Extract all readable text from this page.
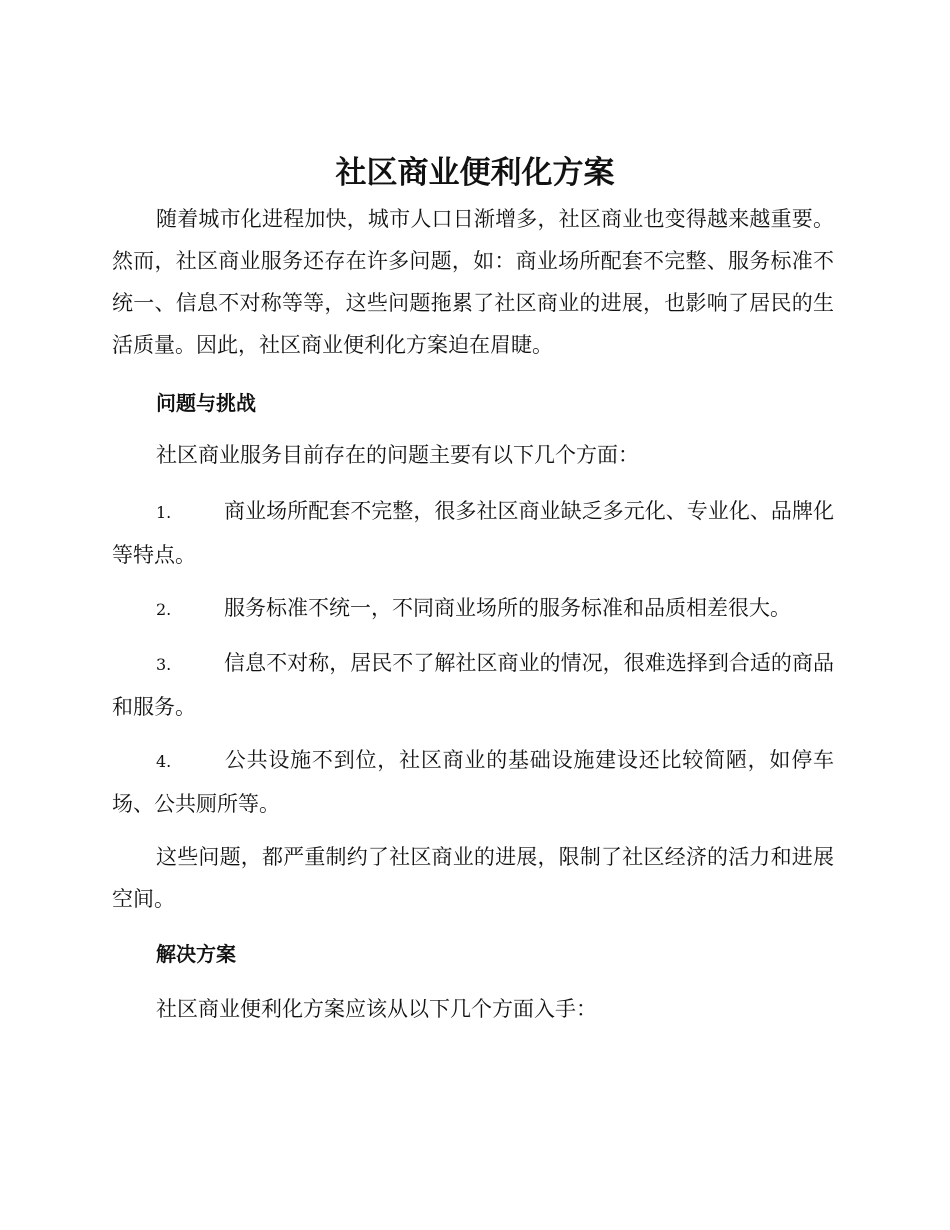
社区商业便利化方案

随着城市化进程加快，城市人口日渐增多，社区商业也变得越来越重要。然而，社区商业服务还存在许多问题，如：商业场所配套不完整、服务标准不统一、信息不对称等等，这些问题拖累了社区商业的进展，也影响了居民的生活质量。因此，社区商业便利化方案迫在眉睫。

问题与挑战

社区商业服务目前存在的问题主要有以下几个方面：

1.	商业场所配套不完整，很多社区商业缺乏多元化、专业化、品牌化等特点。

2.	服务标准不统一，不同商业场所的服务标准和品质相差很大。

3.	信息不对称，居民不了解社区商业的情况，很难选择到合适的商品和服务。

4.	公共设施不到位，社区商业的基础设施建设还比较简陋，如停车场、公共厕所等。

这些问题，都严重制约了社区商业的进展，限制了社区经济的活力和进展空间。

解决方案

社区商业便利化方案应该从以下几个方面入手：
